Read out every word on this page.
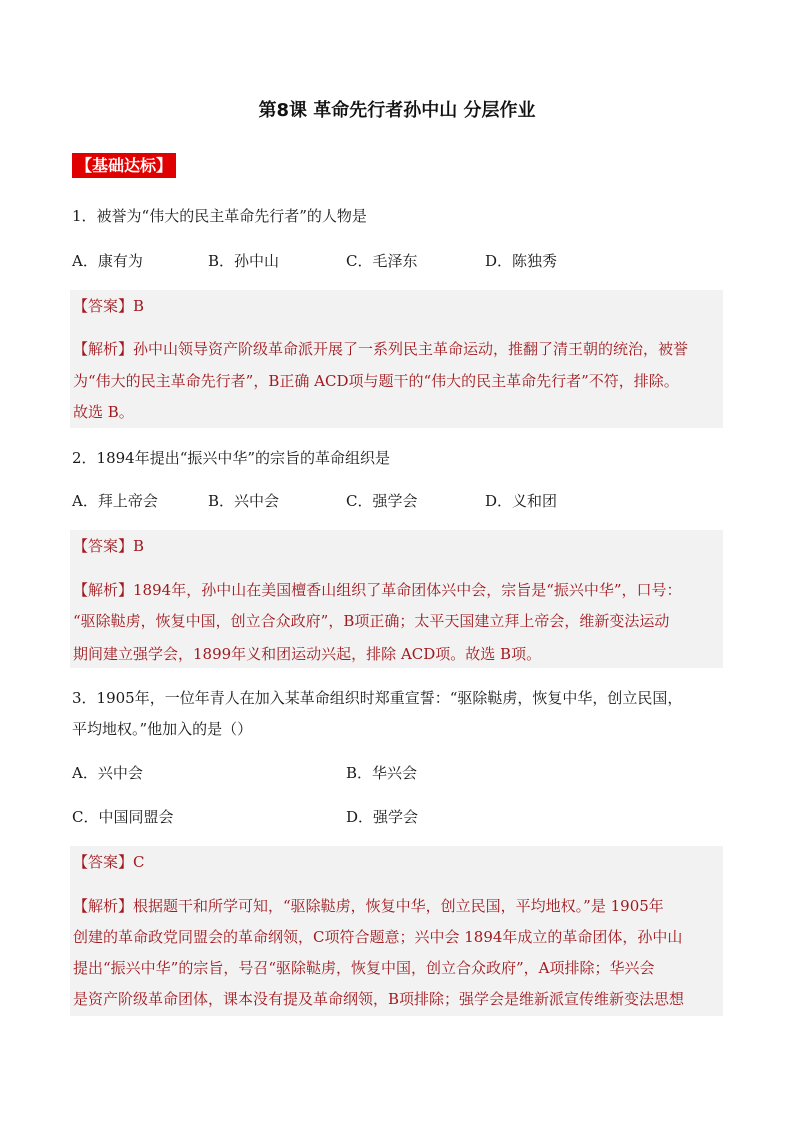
第8课 革命先行者孙中山 分层作业
【基础达标】
1．被誉为“伟大的民主革命先行者”的人物是
A．康有为	B．孙中山	C．毛泽东	D．陈独秀
【答案】B
【解析】孙中山领导资产阶级革命派开展了一系列民主革命运动，推翻了清王朝的统治，被誉
为“伟大的民主革命先行者”，B正确 ACD项与题干的“伟大的民主革命先行者”不符，排除。
故选 B。
2．1894年提出“振兴中华”的宗旨的革命组织是
A．拜上帝会	B．兴中会	C．强学会	D．义和团
【答案】B
【解析】1894年，孙中山在美国檀香山组织了革命团体兴中会，宗旨是“振兴中华”，口号：
“驱除鞑虏，恢复中国，创立合众政府”，B项正确；太平天国建立拜上帝会，维新变法运动
期间建立强学会，1899年义和团运动兴起，排除 ACD项。故选 B项。
3．1905年，一位年青人在加入某革命组织时郑重宣誓：“驱除鞑虏，恢复中华，创立民国，
平均地权。”他加入的是（）
A．兴中会	B．华兴会
C．中国同盟会	D．强学会
【答案】C
【解析】根据题干和所学可知，“驱除鞑虏，恢复中华，创立民国，平均地权。”是 1905年
创建的革命政党同盟会的革命纲领，C项符合题意；兴中会 1894年成立的革命团体，孙中山
提出“振兴中华”的宗旨，号召“驱除鞑虏，恢复中国，创立合众政府”，A项排除；华兴会
是资产阶级革命团体，课本没有提及革命纲领，B项排除；强学会是维新派宣传维新变法思想
